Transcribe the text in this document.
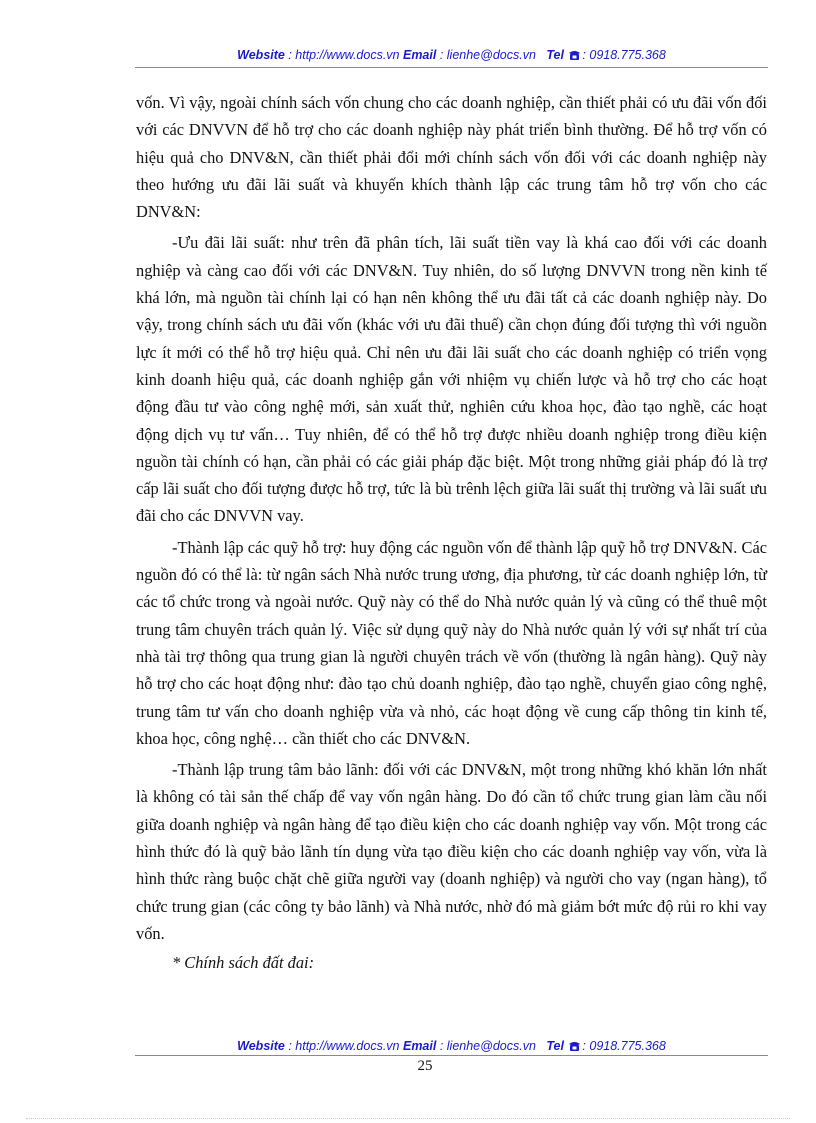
Website : http://www.docs.vn Email : lienhe@docs.vn Tel : 0918.775.368

vốn. Vì vậy, ngoài chính sách vốn chung cho các doanh nghiệp, cần thiết phải có ưu đãi vốn đối với các DNVVN để hỗ trợ cho các doanh nghiệp này phát triển bình thường. Để hỗ trợ vốn có hiệu quả cho DNV&N, cần thiết phải đổi mới chính sách vốn đối với các doanh nghiệp này theo hướng ưu đãi lãi suất và khuyến khích thành lập các trung tâm hỗ trợ vốn cho các DNV&N:

-Ưu đãi lãi suất: như trên đã phân tích, lãi suất tiền vay là khá cao đối với các doanh nghiệp và càng cao đối với các DNV&N. Tuy nhiên, do số lượng DNVVN trong nền kinh tế khá lớn, mà nguồn tài chính lại có hạn nên không thể ưu đãi tất cả các doanh nghiệp này. Do vậy, trong chính sách ưu đãi vốn (khác với ưu đãi thuế) cần chọn đúng đối tượng thì với nguồn lực ít mới có thể hỗ trợ hiệu quả. Chỉ nên ưu đãi lãi suất cho các doanh nghiệp có triển vọng kinh doanh hiệu quả, các doanh nghiệp gắn với nhiệm vụ chiến lược và hỗ trợ cho các hoạt động đầu tư vào công nghệ mới, sản xuất thử, nghiên cứu khoa học, đào tạo nghề, các hoạt động dịch vụ tư vấn… Tuy nhiên, để có thể hỗ trợ được nhiều doanh nghiệp trong điều kiện nguồn tài chính có hạn, cần phải có các giải pháp đặc biệt. Một trong những giải pháp đó là trợ cấp lãi suất cho đối tượng được hỗ trợ, tức là bù trênh lệch giữa lãi suất thị trường và lãi suất ưu đãi cho các DNVVN vay.

-Thành lập các quỹ hỗ trợ: huy động các nguồn vốn để thành lập quỹ hỗ trợ DNV&N. Các nguồn đó có thể là: từ ngân sách Nhà nước trung ương, địa phương, từ các doanh nghiệp lớn, từ các tổ chức trong và ngoài nước. Quỹ này có thể do Nhà nước quản lý và cũng có thể thuê một trung tâm chuyên trách quản lý. Việc sử dụng quỹ này do Nhà nước quản lý với sự nhất trí của nhà tài trợ thông qua trung gian là người chuyên trách về vốn (thường là ngân hàng). Quỹ này hỗ trợ cho các hoạt động như: đào tạo chủ doanh nghiệp, đào tạo nghề, chuyển giao công nghệ, trung tâm tư vấn cho doanh nghiệp vừa và nhỏ, các hoạt động về cung cấp thông tin kinh tế, khoa học, công nghệ… cần thiết cho các DNV&N.

-Thành lập trung tâm bảo lãnh: đối với các DNV&N, một trong những khó khăn lớn nhất là không có tài sản thế chấp để vay vốn ngân hàng. Do đó cần tổ chức trung gian làm cầu nối giữa doanh nghiệp và ngân hàng để tạo điều kiện cho các doanh nghiệp vay vốn. Một trong các hình thức đó là quỹ bảo lãnh tín dụng vừa tạo điều kiện cho các doanh nghiệp vay vốn, vừa là hình thức ràng buộc chặt chẽ giữa người vay (doanh nghiệp) và người cho vay (ngan hàng), tổ chức trung gian (các công ty bảo lãnh) và Nhà nước, nhờ đó mà giảm bớt mức độ rủi ro khi vay vốn.

* Chính sách đất đai:

Website : http://www.docs.vn Email : lienhe@docs.vn Tel : 0918.775.368
25
